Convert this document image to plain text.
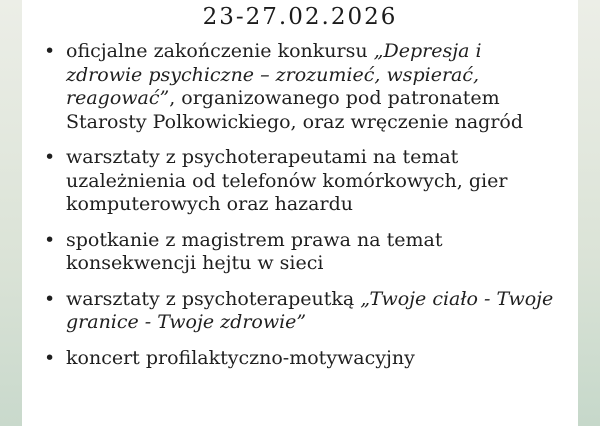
23-27.02.2026
• oficjalne zakończenie konkursu „Depresja i zdrowie psychiczne – zrozumieć, wspierać, reagować”, organizowanego pod patronatem Starosty Polkowickiego, oraz wręczenie nagród
• warsztaty z psychoterapeutami na temat uzależnienia od telefonów komórkowych, gier komputerowych oraz hazardu
• spotkanie z magistrem prawa na temat konsekwencji hejtu w sieci
• warsztaty z psychoterapeutką „Twoje ciało - Twoje granice - Twoje zdrowie”
• koncert profilaktyczno-motywacyjny
